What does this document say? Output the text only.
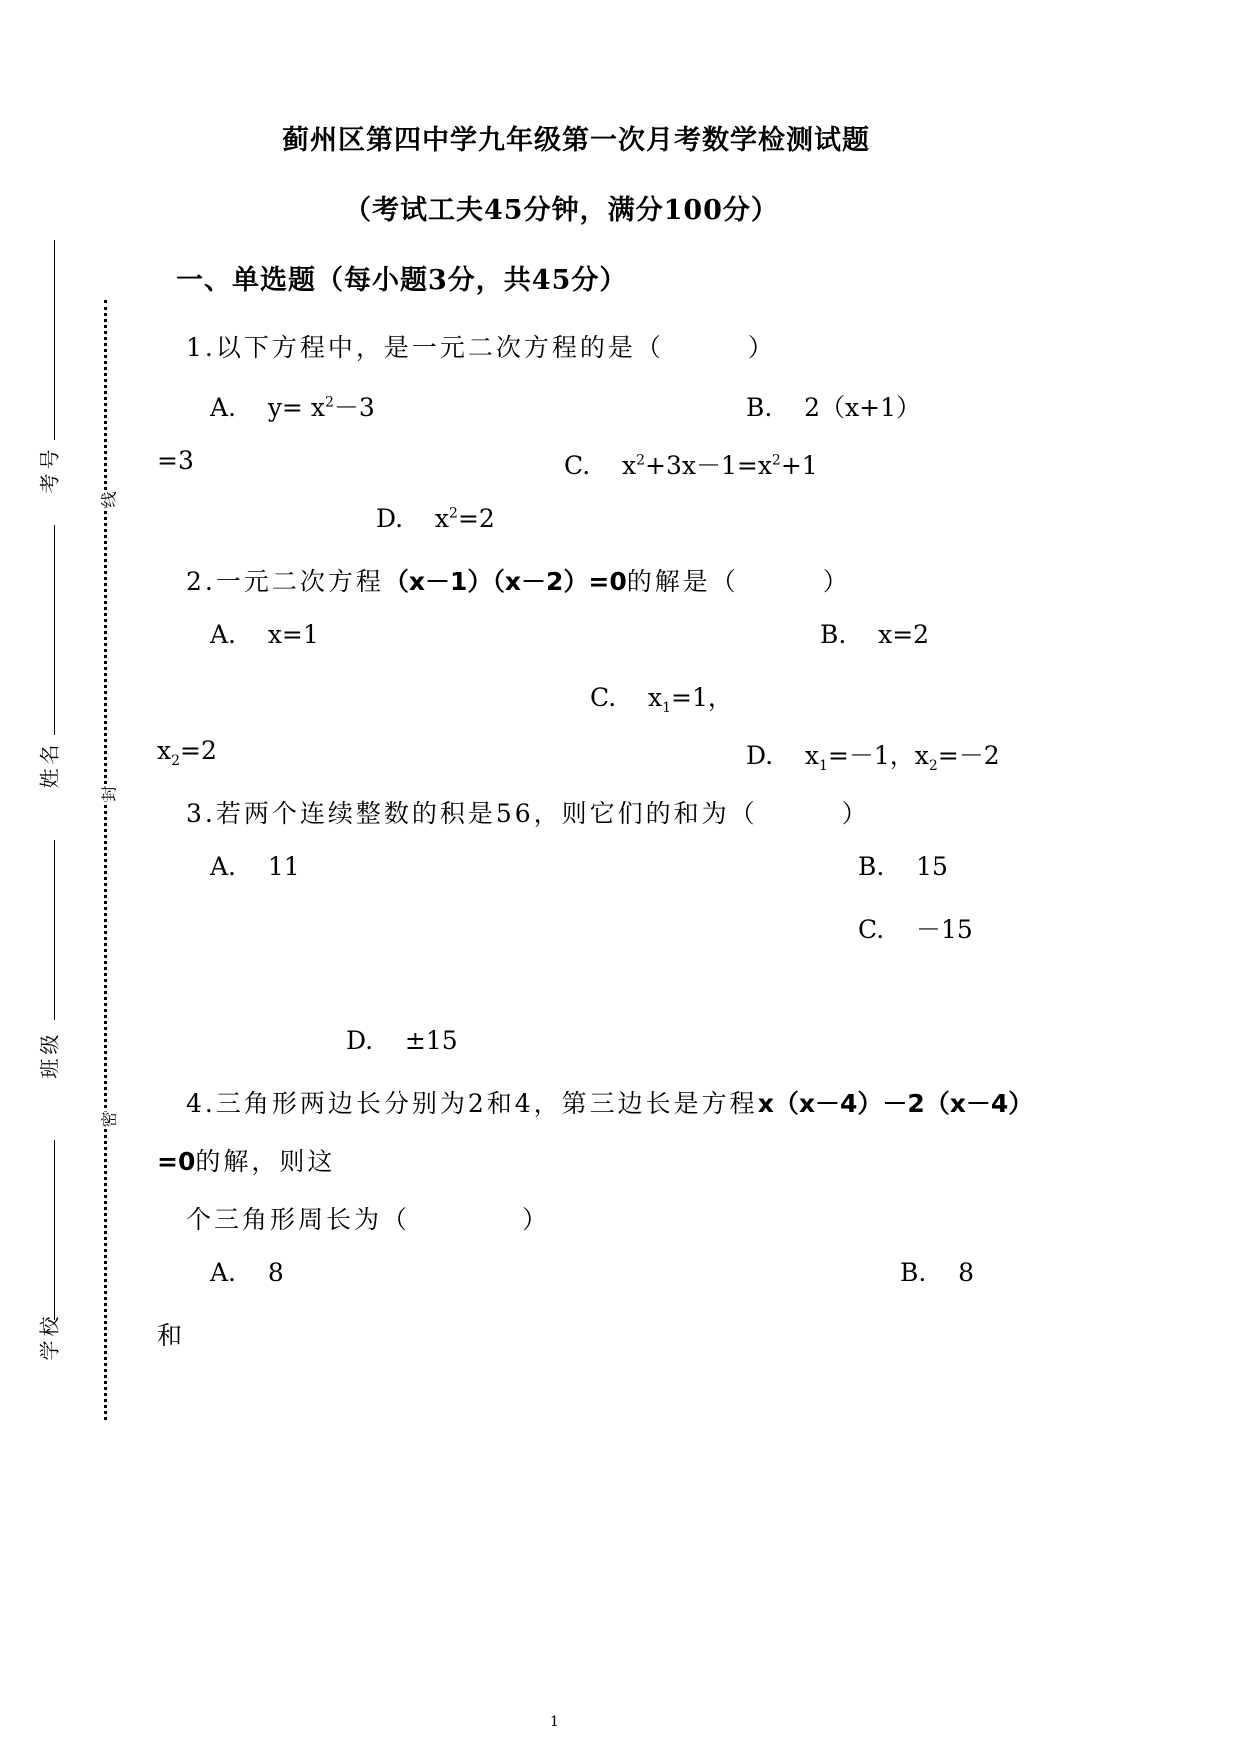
考号
姓名
班级
学校
线
封
密
蓟州区第四中学九年级第一次月考数学检测试题
（考试工夫45分钟，满分100分）
一、单选题（每小题3分，共45分）
1.以下方程中，是一元二次方程的是（　　　）
A. $y= x^2-3$	B. 2（x+1）
=3	C. $x^2+3x-1=x^2+1$
D. $x^2=2$
2.一元二次方程（x－1）（x－2）=0的解是（　　　）
A. x=1	B. x=2
C. $x_1=1$，
$x_2=2$	D. $x_1=-1$，$x_2=-2$
3.若两个连续整数的积是56，则它们的和为（　　　）
A. 11	B. 15
C. －15
D. ±15
4.三角形两边长分别为2和4，第三边长是方程x（x－4）－2（x－4）
=0的解，则这
个三角形周长为（　　　　）
A. 8	B. 8
和
1
